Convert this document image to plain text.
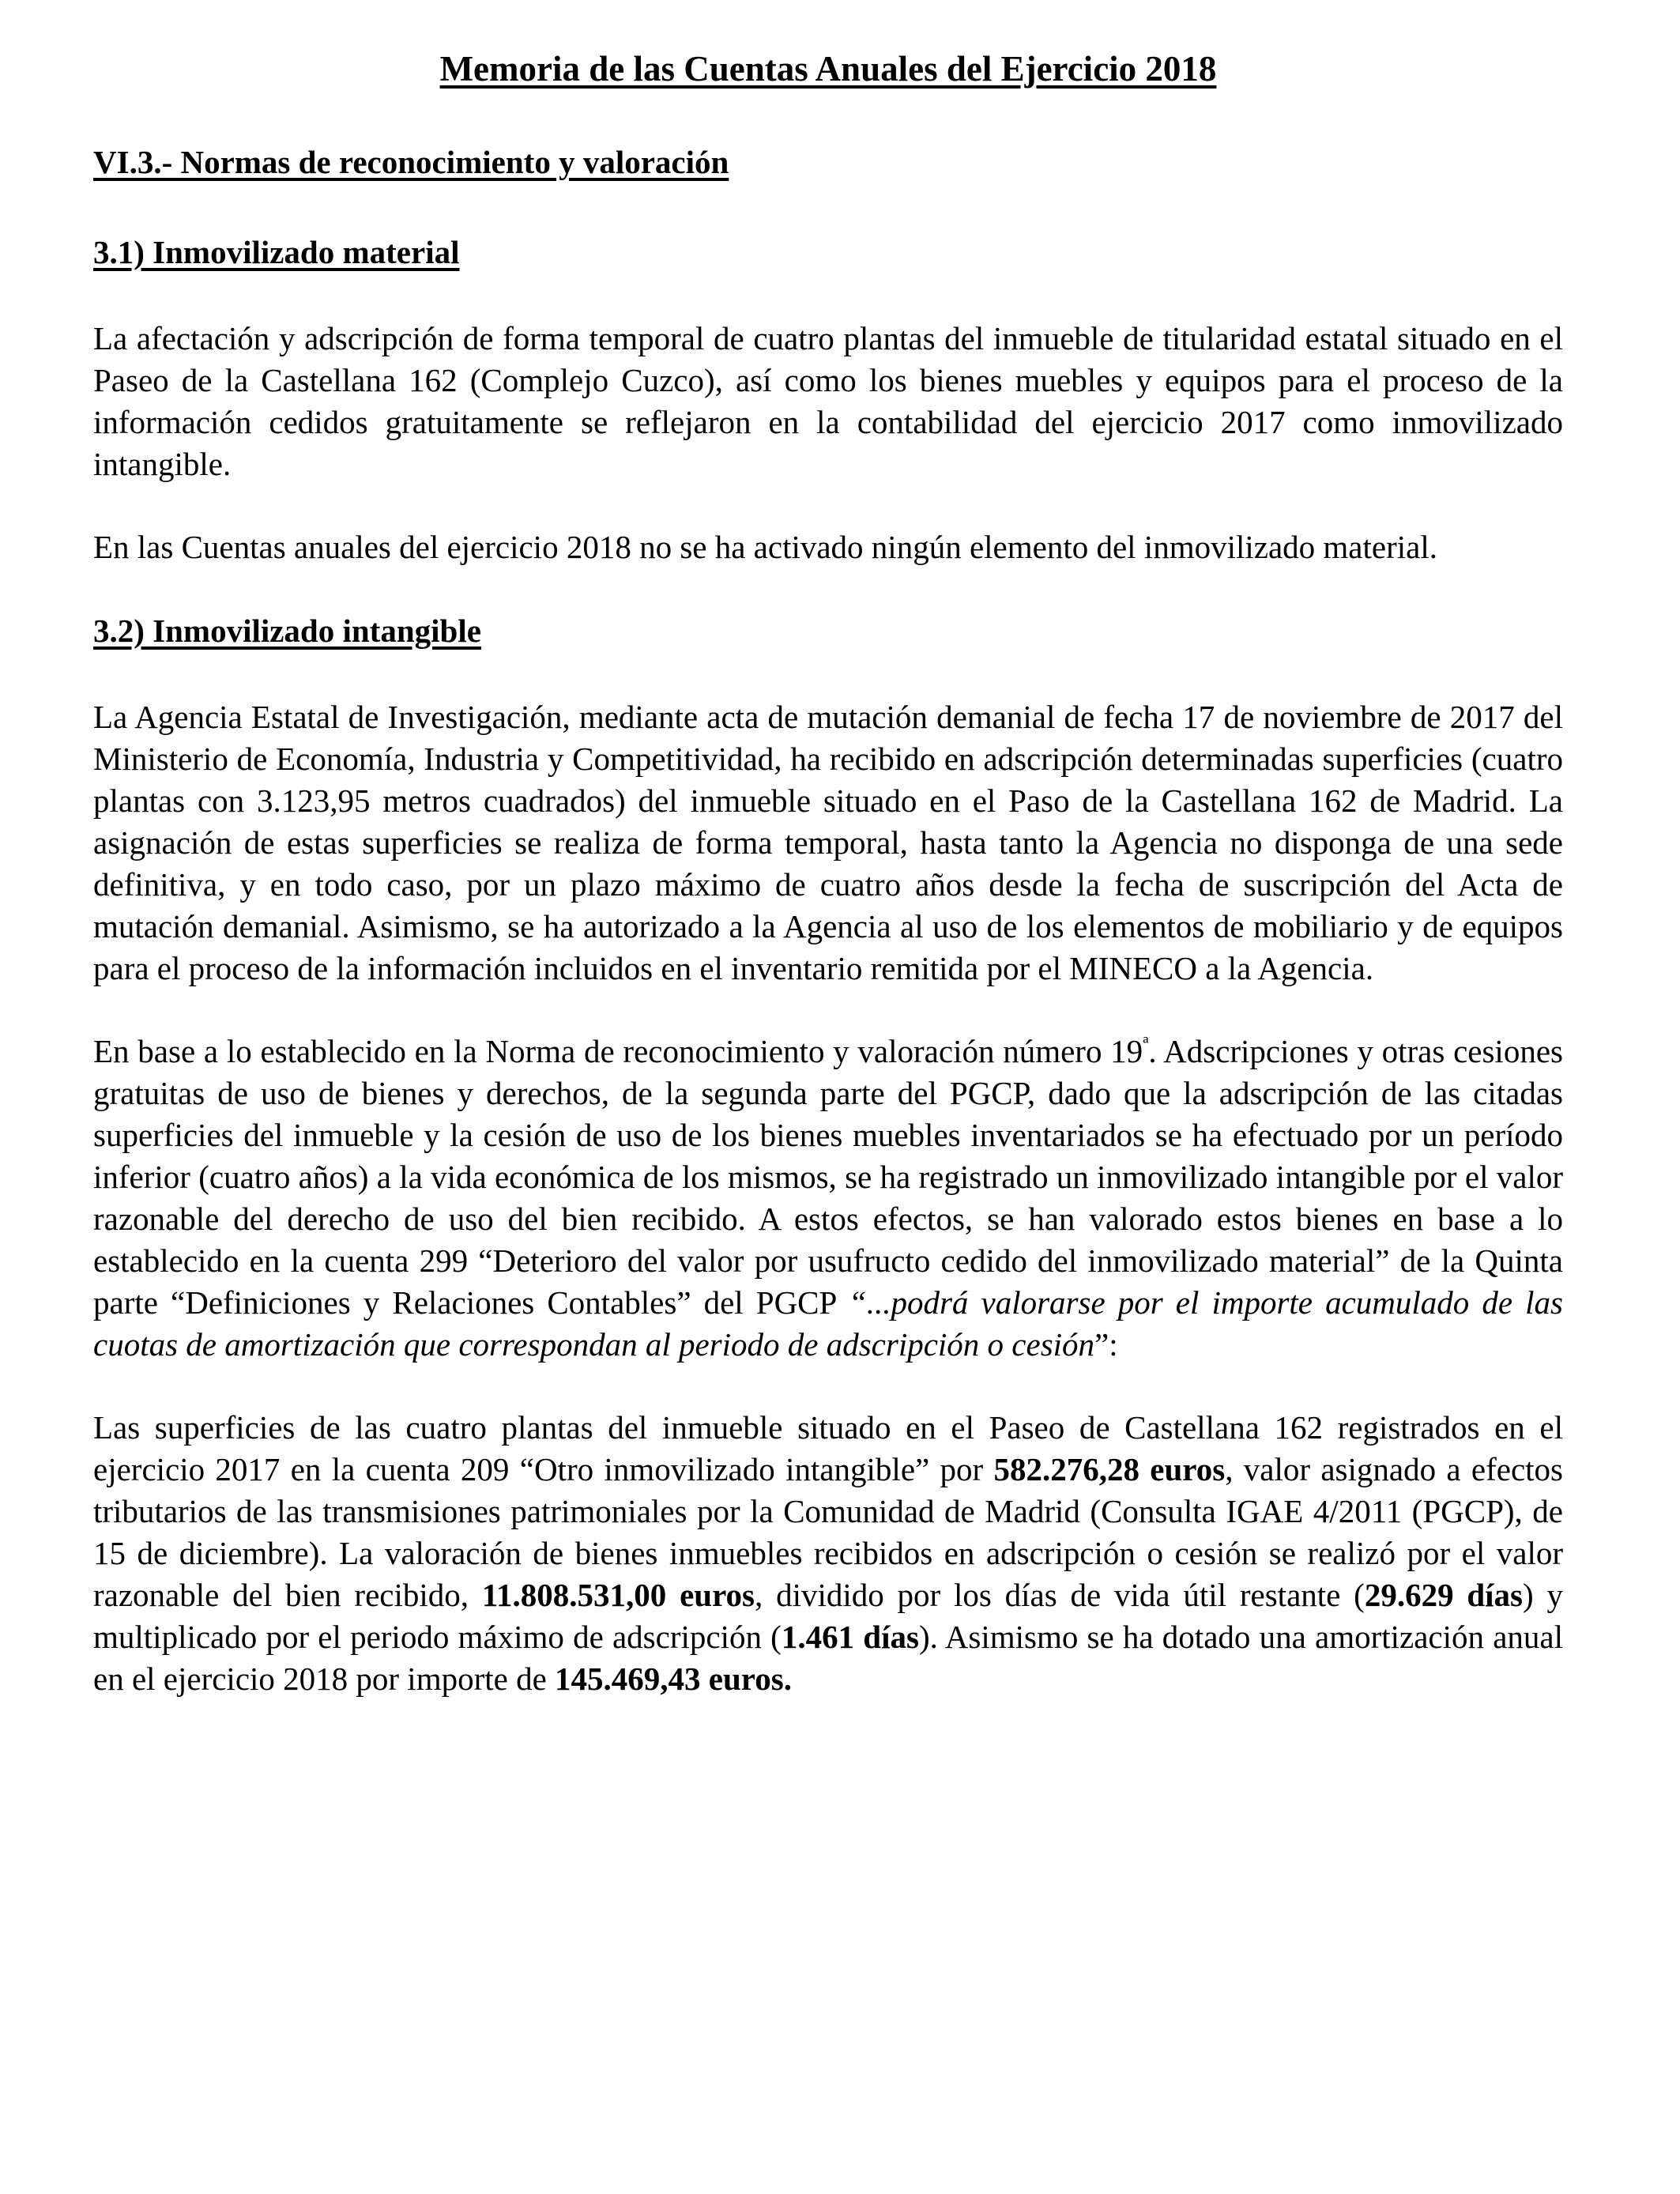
Memoria de las Cuentas Anuales del Ejercicio 2018
VI.3.- Normas de reconocimiento y valoración
3.1) Inmovilizado material

La afectación y adscripción de forma temporal de cuatro plantas del inmueble de titularidad estatal situado en el Paseo de la Castellana 162 (Complejo Cuzco), así como los bienes muebles y equipos para el proceso de la información cedidos gratuitamente se reflejaron en la contabilidad del ejercicio 2017 como inmovilizado intangible.

En las Cuentas anuales del ejercicio 2018 no se ha activado ningún elemento del inmovilizado material.

3.2) Inmovilizado intangible

La Agencia Estatal de Investigación, mediante acta de mutación demanial de fecha 17 de noviembre de 2017 del Ministerio de Economía, Industria y Competitividad, ha recibido en adscripción determinadas superficies (cuatro plantas con 3.123,95 metros cuadrados) del inmueble situado en el Paso de la Castellana 162 de Madrid. La asignación de estas superficies se realiza de forma temporal, hasta tanto la Agencia no disponga de una sede definitiva, y en todo caso, por un plazo máximo de cuatro años desde la fecha de suscripción del Acta de mutación demanial. Asimismo, se ha autorizado a la Agencia al uso de los elementos de mobiliario y de equipos para el proceso de la información incluidos en el inventario remitida por el MINECO a la Agencia.

En base a lo establecido en la Norma de reconocimiento y valoración número $19^ª$. Adscripciones y otras cesiones gratuitas de uso de bienes y derechos, de la segunda parte del PGCP, dado que la adscripción de las citadas superficies del inmueble y la cesión de uso de los bienes muebles inventariados se ha efectuado por un período inferior (cuatro años) a la vida económica de los mismos, se ha registrado un inmovilizado intangible por el valor razonable del derecho de uso del bien recibido. A estos efectos, se han valorado estos bienes en base a lo establecido en la cuenta 299 “Deterioro del valor por usufructo cedido del inmovilizado material” de la Quinta parte “Definiciones y Relaciones Contables” del PGCP “...podrá valorarse por el importe acumulado de las cuotas de amortización que correspondan al periodo de adscripción o cesión”:

Las superficies de las cuatro plantas del inmueble situado en el Paseo de Castellana 162 registrados en el ejercicio 2017 en la cuenta 209 “Otro inmovilizado intangible” por 582.276,28 euros, valor asignado a efectos tributarios de las transmisiones patrimoniales por la Comunidad de Madrid (Consulta IGAE 4/2011 (PGCP), de 15 de diciembre). La valoración de bienes inmuebles recibidos en adscripción o cesión se realizó por el valor razonable del bien recibido, 11.808.531,00 euros, dividido por los días de vida útil restante (29.629 días) y multiplicado por el periodo máximo de adscripción (1.461 días). Asimismo se ha dotado una amortización anual en el ejercicio 2018 por importe de 145.469,43 euros.
